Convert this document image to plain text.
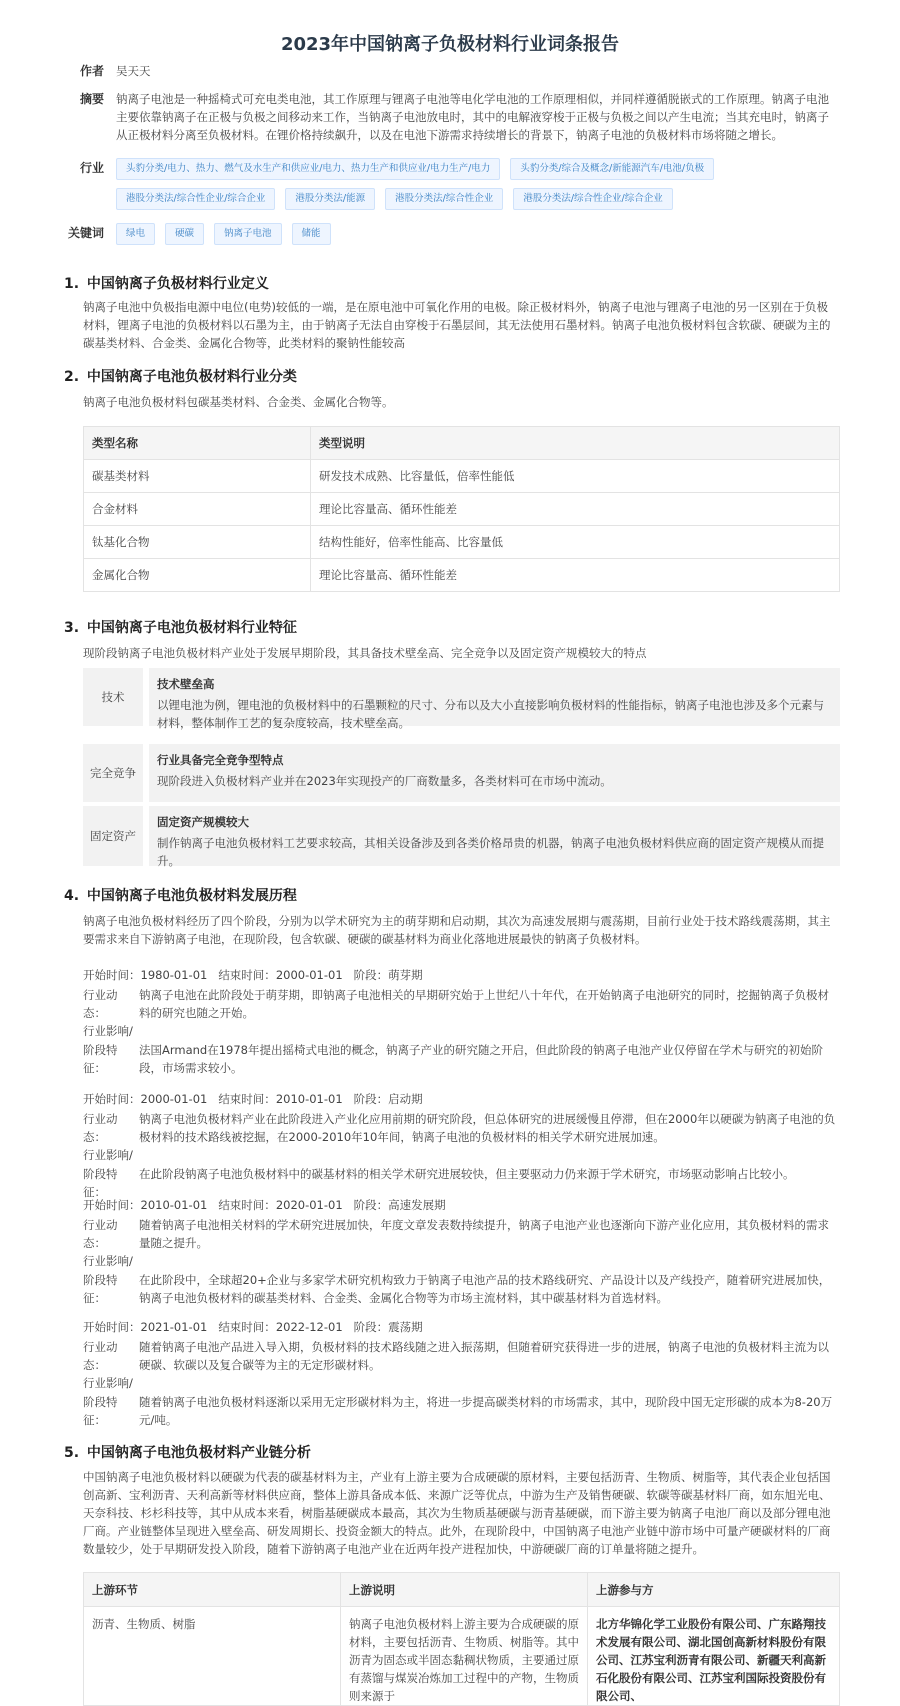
2023年中国钠离子负极材料行业词条报告
作者	吴天天
摘要	钠离子电池是一种摇椅式可充电类电池，其工作原理与锂离子电池等电化学电池的工作原理相似，并同样遵循脱嵌式的工作原理。钠离子电池主要依靠钠离子在正极与负极之间移动来工作，当钠离子电池放电时，其中的电解液穿梭于正极与负极之间以产生电流；当其充电时，钠离子从正极材料分离至负极材料。在锂价格持续飙升，以及在电池下游需求持续增长的背景下，钠离子电池的负极材料市场将随之增长。
行业	头豹分类/电力、热力、燃气及水生产和供应业/电力、热力生产和供应业/电力生产/电力	头豹分类/综合及概念/新能源汽车/电池/负极
港股分类法/综合性企业/综合企业	港股分类法/能源	港股分类法/综合性企业	港股分类法/综合性企业/综合企业
关键词	绿电	硬碳	钠离子电池	储能
1. 中国钠离子负极材料行业定义

钠离子电池中负极指电源中电位(电势)较低的一端，是在原电池中可氧化作用的电极。除正极材料外，钠离子电池与锂离子电池的另一区别在于负极材料，锂离子电池的负极材料以石墨为主，由于钠离子无法自由穿梭于石墨层间，其无法使用石墨材料。钠离子电池负极材料包含软碳、硬碳为主的碳基类材料、合金类、金属化合物等，此类材料的聚钠性能较高

2. 中国钠离子电池负极材料行业分类

钠离子电池负极材料包碳基类材料、合金类、金属化合物等。

类型名称	类型说明
碳基类材料	研发技术成熟、比容量低，倍率性能低
合金材料	理论比容量高、循环性能差
钛基化合物	结构性能好，倍率性能高、比容量低
金属化合物	理论比容量高、循环性能差
3. 中国钠离子电池负极材料行业特征

现阶段钠离子电池负极材料产业处于发展早期阶段，其具备技术壁垒高、完全竞争以及固定资产规模较大的特点

技术
技术壁垒高
以锂电池为例，锂电池的负极材料中的石墨颗粒的尺寸、分布以及大小直接影响负极材料的性能指标，钠离子电池也涉及多个元素与材料，整体制作工艺的复杂度较高，技术壁垒高。
完全竞争
行业具备完全竞争型特点
现阶段进入负极材料产业并在2023年实现投产的厂商数量多，各类材料可在市场中流动。
固定资产
固定资产规模较大
制作钠离子电池负极材料工艺要求较高，其相关设备涉及到各类价格昂贵的机器，钠离子电池负极材料供应商的固定资产规模从而提升。
4. 中国钠离子电池负极材料发展历程

钠离子电池负极材料经历了四个阶段，分别为以学术研究为主的萌芽期和启动期，其次为高速发展期与震荡期，目前行业处于技术路线震荡期，其主要需求来自下游钠离子电池，在现阶段，包含软碳、硬碳的碳基材料为商业化落地进展最快的钠离子负极材料。

开始时间：1980-01-01 结束时间：2000-01-01 阶段：萌芽期
行业动态：
钠离子电池在此阶段处于萌芽期，即钠离子电池相关的早期研究始于上世纪八十年代，在开始钠离子电池研究的同时，挖掘钠离子负极材料的研究也随之开始。
行业影响/
阶段特征：
法国Armand在1978年提出摇椅式电池的概念，钠离子产业的研究随之开启，但此阶段的钠离子电池产业仅停留在学术与研究的初始阶段，市场需求较小。
开始时间：2000-01-01 结束时间：2010-01-01 阶段：启动期
行业动态：
钠离子电池负极材料产业在此阶段进入产业化应用前期的研究阶段，但总体研究的进展缓慢且停滞，但在2000年以硬碳为钠离子电池的负极材料的技术路线被挖掘，在2000-2010年10年间，钠离子电池的负极材料的相关学术研究进展加速。
行业影响/
阶段特征：
在此阶段钠离子电池负极材料中的碳基材料的相关学术研究进展较快，但主要驱动力仍来源于学术研究，市场驱动影响占比较小。
开始时间：2010-01-01 结束时间：2020-01-01 阶段：高速发展期
行业动态：
随着钠离子电池相关材料的学术研究进展加快，年度文章发表数持续提升，钠离子电池产业也逐渐向下游产业化应用，其负极材料的需求量随之提升。
行业影响/
阶段特征：
在此阶段中，全球超20+企业与多家学术研究机构致力于钠离子电池产品的技术路线研究、产品设计以及产线投产，随着研究进展加快，钠离子电池负极材料的碳基类材料、合金类、金属化合物等为市场主流材料，其中碳基材料为首选材料。
开始时间：2021-01-01 结束时间：2022-12-01 阶段：震荡期
行业动态：
随着钠离子电池产品进入导入期，负极材料的技术路线随之进入振荡期，但随着研究获得进一步的进展，钠离子电池的负极材料主流为以硬碳、软碳以及复合碳等为主的无定形碳材料。
行业影响/
阶段特征：
随着钠离子电池负极材料逐渐以采用无定形碳材料为主，将进一步提高碳类材料的市场需求，其中，现阶段中国无定形碳的成本为8-20万元/吨。
5. 中国钠离子电池负极材料产业链分析

中国钠离子电池负极材料以硬碳为代表的碳基材料为主，产业有上游主要为合成硬碳的原材料，主要包括沥青、生物质、树脂等，其代表企业包括国创高新、宝利沥青、天利高新等材料供应商，整体上游具备成本低、来源广泛等优点，中游为生产及销售硬碳、软碳等碳基材料厂商，如东旭光电、天奈科技、杉杉科技等，其中从成本来看，树脂基硬碳成本最高，其次为生物质基硬碳与沥青基硬碳，而下游主要为钠离子电池厂商以及部分锂电池厂商。产业链整体呈现进入壁垒高、研发周期长、投资金额大的特点。此外，在现阶段中，中国钠离子电池产业链中游市场中可量产硬碳材料的厂商数量较少，处于早期研发投入阶段，随着下游钠离子电池产业在近两年投产进程加快，中游硬碳厂商的订单量将随之提升。

上游环节	上游说明	上游参与方
沥青、生物质、树脂	钠离子电池负极材料上游主要为合成硬碳的原材料，主要包括沥青、生物质、树脂等。其中沥青为固态或半固态黏稠状物质，主要通过原有蒸馏与煤炭冶炼加工过程中的产物，生物质则来源于	北方华锦化学工业股份有限公司、广东路翔技术发展有限公司、湖北国创高新材料股份有限公司、江苏宝利沥青有限公司、新疆天利高新石化股份有限公司、江苏宝利国际投资股份有限公司、
